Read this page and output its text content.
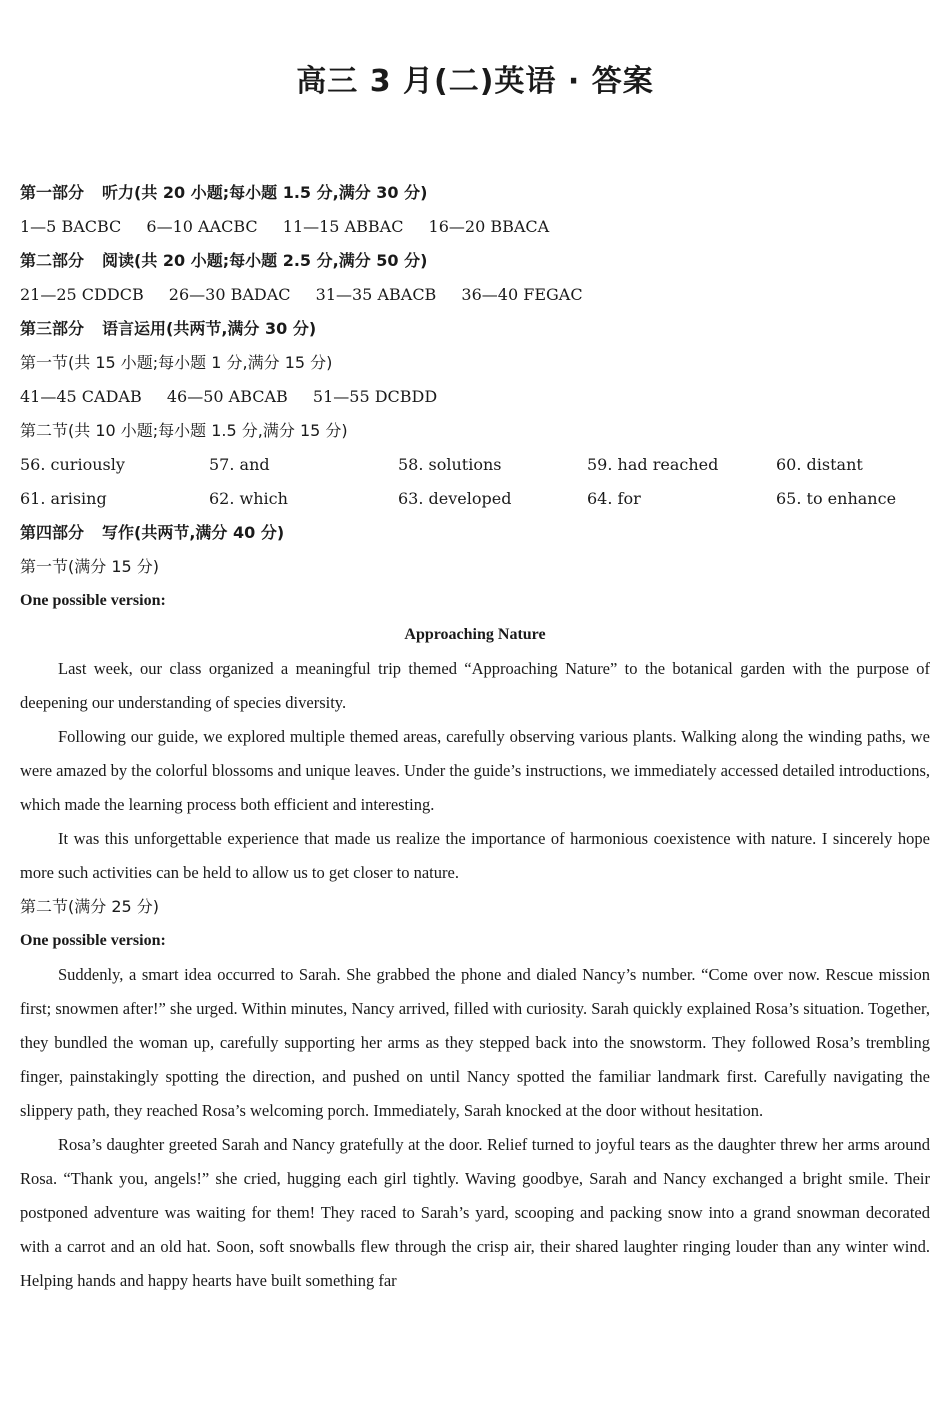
高三 3 月(二)英语 · 答案
第一部分 听力(共 20 小题;每小题 1.5 分,满分 30 分)
1—5 BACBC 6—10 AACBC 11—15 ABBAC 16—20 BBACA
第二部分 阅读(共 20 小题;每小题 2.5 分,满分 50 分)
21—25 CDDCB 26—30 BADAC 31—35 ABACB 36—40 FEGAC
第三部分 语言运用(共两节,满分 30 分)
第一节(共 15 小题;每小题 1 分,满分 15 分)
41—45 CADAB 46—50 ABCAB 51—55 DCBDD
第二节(共 10 小题;每小题 1.5 分,满分 15 分)
56. curiously	57. and	58. solutions	59. had reached	60. distant
61. arising	62. which	63. developed	64. for	65. to enhance
第四部分 写作(共两节,满分 40 分)
第一节(满分 15 分)
One possible version:
Approaching Nature

Last week, our class organized a meaningful trip themed “Approaching Nature” to the botanical garden with the purpose of deepening our understanding of species diversity.

Following our guide, we explored multiple themed areas, carefully observing various plants. Walking along the winding paths, we were amazed by the colorful blossoms and unique leaves. Under the guide’s instructions, we immediately accessed detailed introductions, which made the learning process both efficient and interesting.

It was this unforgettable experience that made us realize the importance of harmonious coexistence with nature. I sincerely hope more such activities can be held to allow us to get closer to nature.

第二节(满分 25 分)
One possible version:

Suddenly, a smart idea occurred to Sarah. She grabbed the phone and dialed Nancy’s number. “Come over now. Rescue mission first; snowmen after!” she urged. Within minutes, Nancy arrived, filled with curiosity. Sarah quickly explained Rosa’s situation. Together, they bundled the woman up, carefully supporting her arms as they stepped back into the snowstorm. They followed Rosa’s trembling finger, painstakingly spotting the direction, and pushed on until Nancy spotted the familiar landmark first. Carefully navigating the slippery path, they reached Rosa’s welcoming porch. Immediately, Sarah knocked at the door without hesitation.

Rosa’s daughter greeted Sarah and Nancy gratefully at the door. Relief turned to joyful tears as the daughter threw her arms around Rosa. “Thank you, angels!” she cried, hugging each girl tightly. Waving goodbye, Sarah and Nancy exchanged a bright smile. Their postponed adventure was waiting for them! They raced to Sarah’s yard, scooping and packing snow into a grand snowman decorated with a carrot and an old hat. Soon, soft snowballs flew through the crisp air, their shared laughter ringing louder than any winter wind. Helping hands and happy hearts have built something far
